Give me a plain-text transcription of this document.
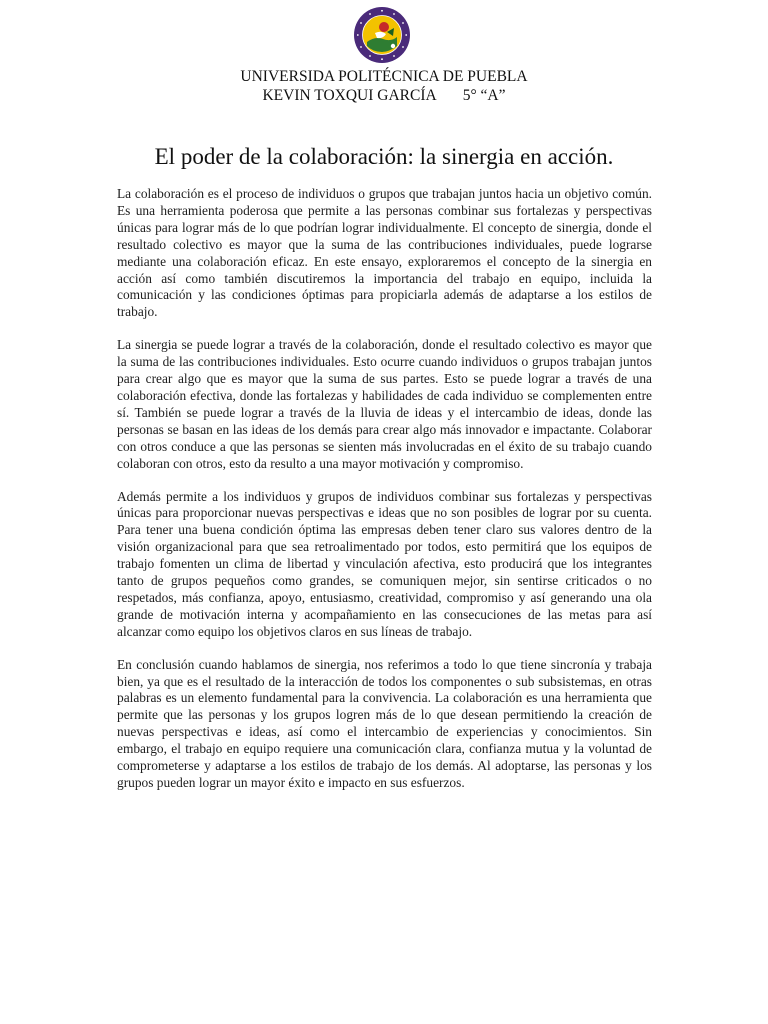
UNIVERSIDA POLITÉCNICA DE PUEBLA
KEVIN TOXQUI GARCÍA 5° “A”
El poder de la colaboración: la sinergia en acción.

La colaboración es el proceso de individuos o grupos que trabajan juntos hacia un objetivo común. Es una herramienta poderosa que permite a las personas combinar sus fortalezas y perspectivas únicas para lograr más de lo que podrían lograr individualmente. El concepto de sinergia, donde el resultado colectivo es mayor que la suma de las contribuciones individuales, puede lograrse mediante una colaboración eficaz. En este ensayo, exploraremos el concepto de la sinergia en acción así como también discutiremos la importancia del trabajo en equipo, incluida la comunicación y las condiciones óptimas para propiciarla además de adaptarse a los estilos de trabajo.

La sinergia se puede lograr a través de la colaboración, donde el resultado colectivo es mayor que la suma de las contribuciones individuales. Esto ocurre cuando individuos o grupos trabajan juntos para crear algo que es mayor que la suma de sus partes. Esto se puede lograr a través de una colaboración efectiva, donde las fortalezas y habilidades de cada individuo se complementen entre sí. También se puede lograr a través de la lluvia de ideas y el intercambio de ideas, donde las personas se basan en las ideas de los demás para crear algo más innovador e impactante. Colaborar con otros conduce a que las personas se sienten más involucradas en el éxito de su trabajo cuando colaboran con otros, esto da resulto a una mayor motivación y compromiso.

Además permite a los individuos y grupos de individuos combinar sus fortalezas y perspectivas únicas para proporcionar nuevas perspectivas e ideas que no son posibles de lograr por su cuenta. Para tener una buena condición óptima las empresas deben tener claro sus valores dentro de la visión organizacional para que sea retroalimentado por todos, esto permitirá que los equipos de trabajo fomenten un clima de libertad y vinculación afectiva, esto producirá que los integrantes tanto de grupos pequeños como grandes, se comuniquen mejor, sin sentirse criticados o no respetados, más confianza, apoyo, entusiasmo, creatividad, compromiso y así generando una ola grande de motivación interna y acompañamiento en las consecuciones de las metas para así alcanzar como equipo los objetivos claros en sus líneas de trabajo.

En conclusión cuando hablamos de sinergia, nos referimos a todo lo que tiene sincronía y trabaja bien, ya que es el resultado de la interacción de todos los componentes o sub subsistemas, en otras palabras es un elemento fundamental para la convivencia. La colaboración es una herramienta que permite que las personas y los grupos logren más de lo que desean permitiendo la creación de nuevas perspectivas e ideas, así como el intercambio de experiencias y conocimientos. Sin embargo, el trabajo en equipo requiere una comunicación clara, confianza mutua y la voluntad de comprometerse y adaptarse a los estilos de trabajo de los demás. Al adoptarse, las personas y los grupos pueden lograr un mayor éxito e impacto en sus esfuerzos.
